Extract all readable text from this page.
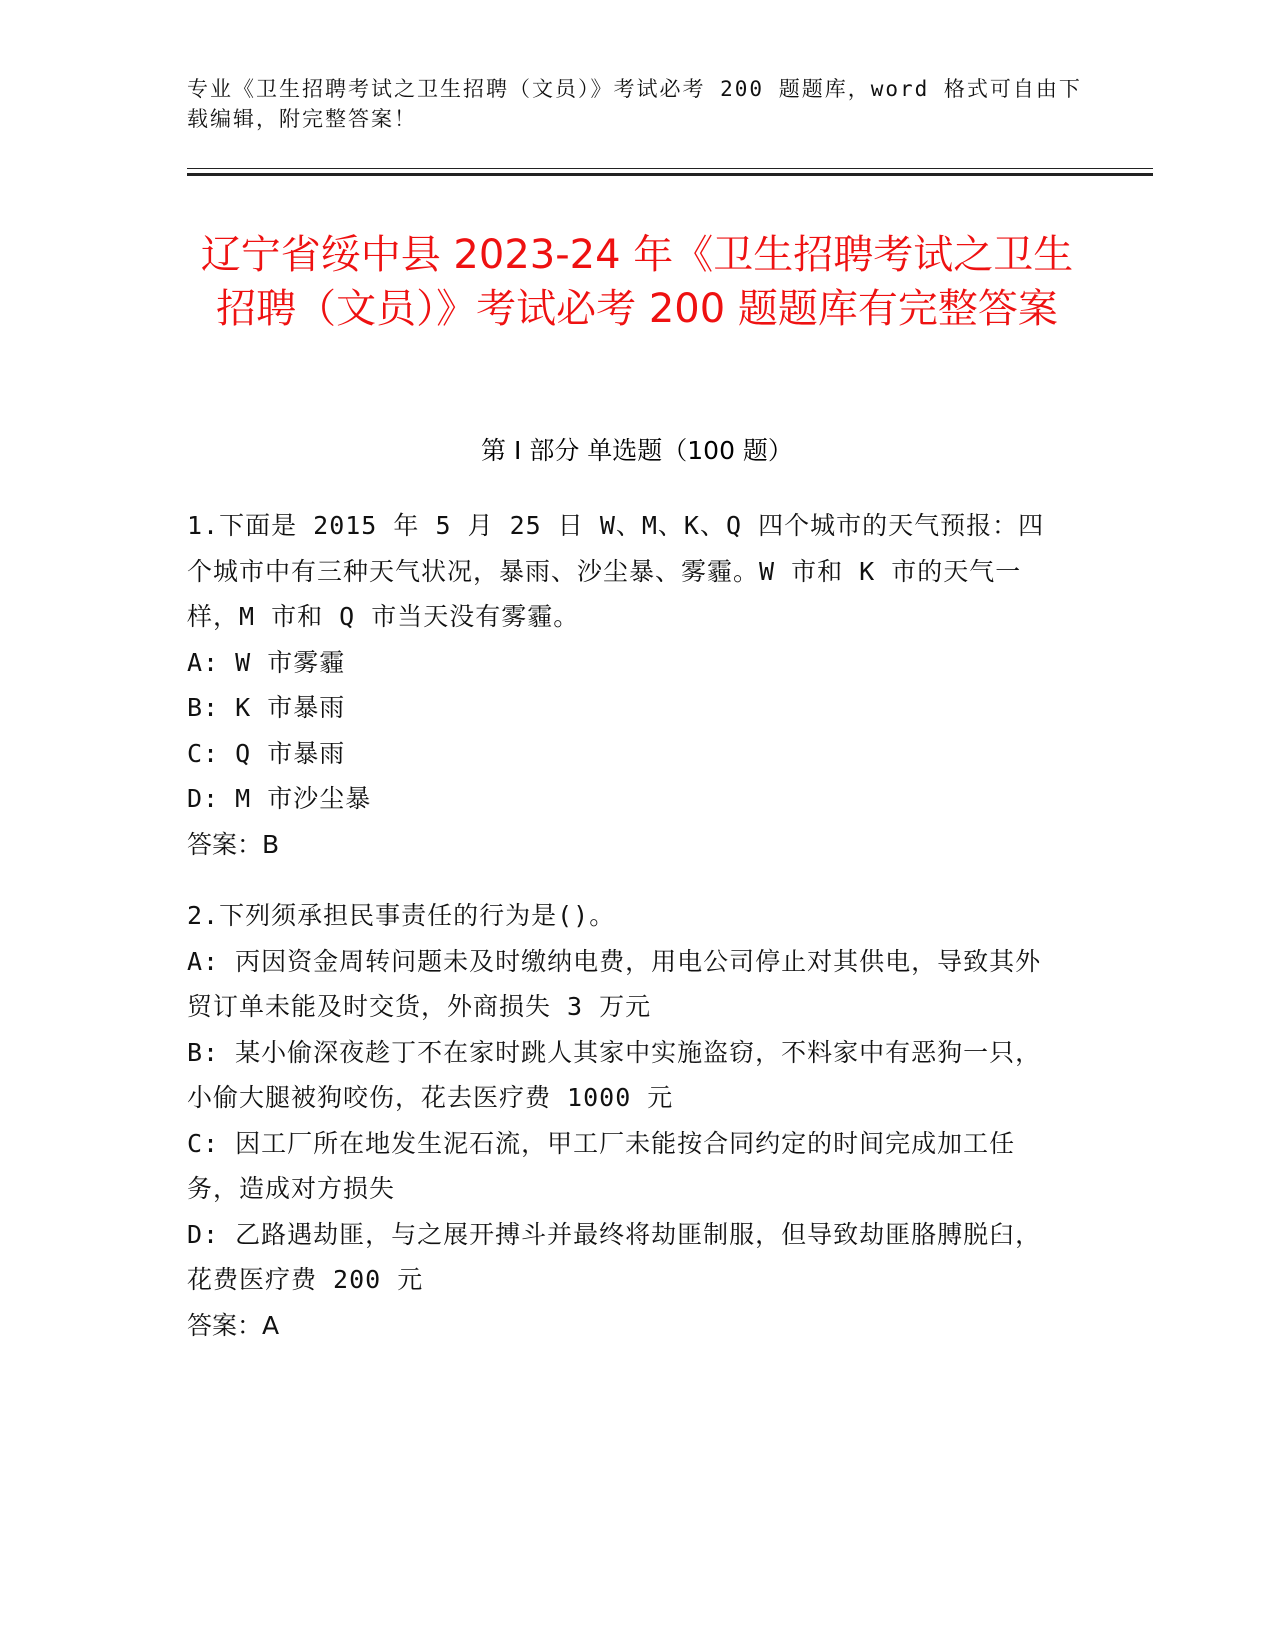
专业《卫生招聘考试之卫生招聘（文员）》考试必考 200 题题库，word 格式可自由下载编辑，附完整答案！
辽宁省绥中县 2023-24 年《卫生招聘考试之卫生招聘（文员）》考试必考 200 题题库有完整答案
第 I 部分 单选题（100 题）
1.下面是 2015 年 5 月 25 日 W、M、K、Q 四个城市的天气预报：四个城市中有三种天气状况，暴雨、沙尘暴、雾霾。W 市和 K 市的天气一样，M 市和 Q 市当天没有雾霾。
A: W 市雾霾
B: K 市暴雨
C: Q 市暴雨
D: M 市沙尘暴
答案：B
2.下列须承担民事责任的行为是()。
A: 丙因资金周转问题未及时缴纳电费，用电公司停止对其供电，导致其外贸订单未能及时交货，外商损失 3 万元
B: 某小偷深夜趁丁不在家时跳人其家中实施盗窃，不料家中有恶狗一只，小偷大腿被狗咬伤，花去医疗费 1000 元
C: 因工厂所在地发生泥石流，甲工厂未能按合同约定的时间完成加工任务，造成对方损失
D: 乙路遇劫匪，与之展开搏斗并最终将劫匪制服，但导致劫匪胳膊脱臼，花费医疗费 200 元
答案：A
